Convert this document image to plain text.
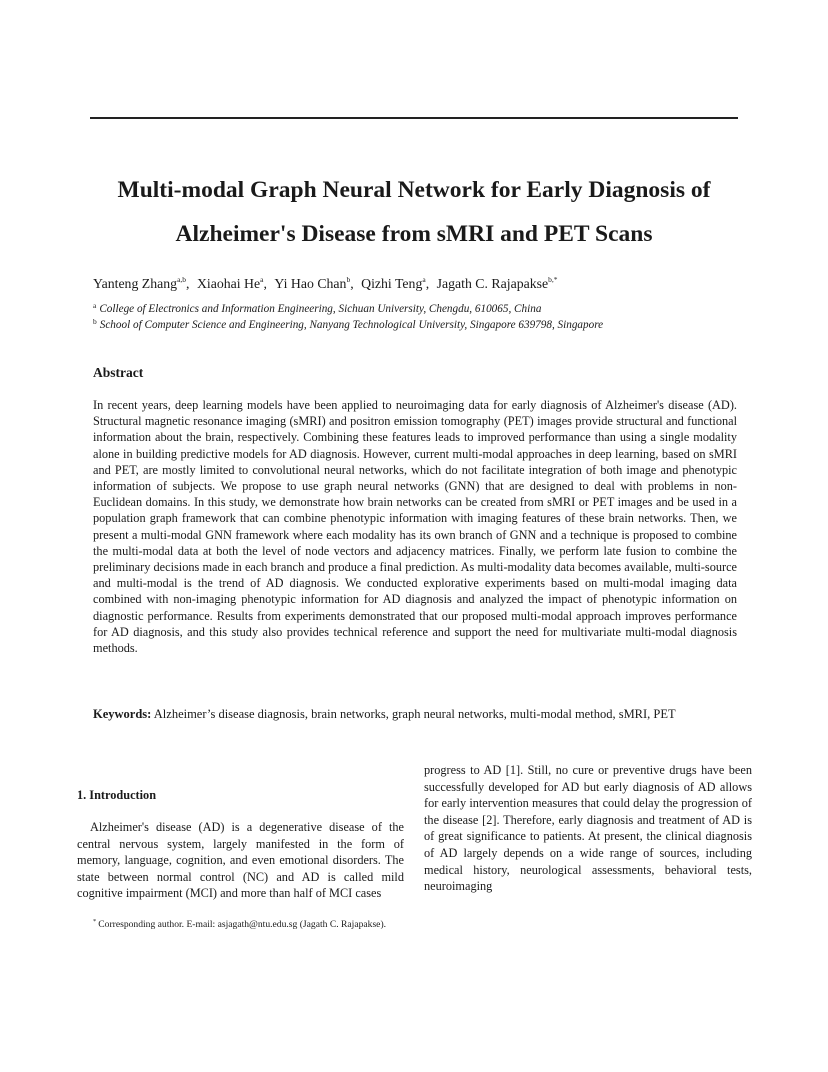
Multi-modal Graph Neural Network for Early Diagnosis of Alzheimer's Disease from sMRI and PET Scans
Yanteng Zhang$^{a,b}$, Xiaohai He$^a$, Yi Hao Chan$^b$, Qizhi Teng$^a$, Jagath C. Rajapakse$^{b,*}$
$^a$ College of Electronics and Information Engineering, Sichuan University, Chengdu, 610065, China
$^b$ School of Computer Science and Engineering, Nanyang Technological University, Singapore 639798, Singapore
Abstract

In recent years, deep learning models have been applied to neuroimaging data for early diagnosis of Alzheimer's disease (AD). Structural magnetic resonance imaging (sMRI) and positron emission tomography (PET) images provide structural and functional information about the brain, respectively. Combining these features leads to improved performance than using a single modality alone in building predictive models for AD diagnosis. However, current multi-modal approaches in deep learning, based on sMRI and PET, are mostly limited to convolutional neural networks, which do not facilitate integration of both image and phenotypic information of subjects. We propose to use graph neural networks (GNN) that are designed to deal with problems in non-Euclidean domains. In this study, we demonstrate how brain networks can be created from sMRI or PET images and be used in a population graph framework that can combine phenotypic information with imaging features of these brain networks. Then, we present a multi-modal GNN framework where each modality has its own branch of GNN and a technique is proposed to combine the multi-modal data at both the level of node vectors and adjacency matrices. Finally, we perform late fusion to combine the preliminary decisions made in each branch and produce a final prediction. As multi-modality data becomes available, multi-source and multi-modal is the trend of AD diagnosis. We conducted explorative experiments based on multi-modal imaging data combined with non-imaging phenotypic information for AD diagnosis and analyzed the impact of phenotypic information on diagnostic performance. Results from experiments demonstrated that our proposed multi-modal approach improves performance for AD diagnosis, and this study also provides technical reference and support the need for multivariate multi-modal diagnosis methods.

Keywords: Alzheimer’s disease diagnosis, brain networks, graph neural networks, multi-modal method, sMRI, PET

1. Introduction

Alzheimer's disease (AD) is a degenerative disease of the central nervous system, largely manifested in the form of memory, language, cognition, and even emotional disorders. The state between normal control (NC) and AD is called mild cognitive impairment (MCI) and more than half of MCI cases

progress to AD [1]. Still, no cure or preventive drugs have been successfully developed for AD but early diagnosis of AD allows for early intervention measures that could delay the progression of the disease [2]. Therefore, early diagnosis and treatment of AD is of great significance to patients. At present, the clinical diagnosis of AD largely depends on a wide range of sources, including medical history, neurological assessments, behavioral tests, neuroimaging

* Corresponding author. E-mail: asjagath@ntu.edu.sg (Jagath C. Rajapakse).
